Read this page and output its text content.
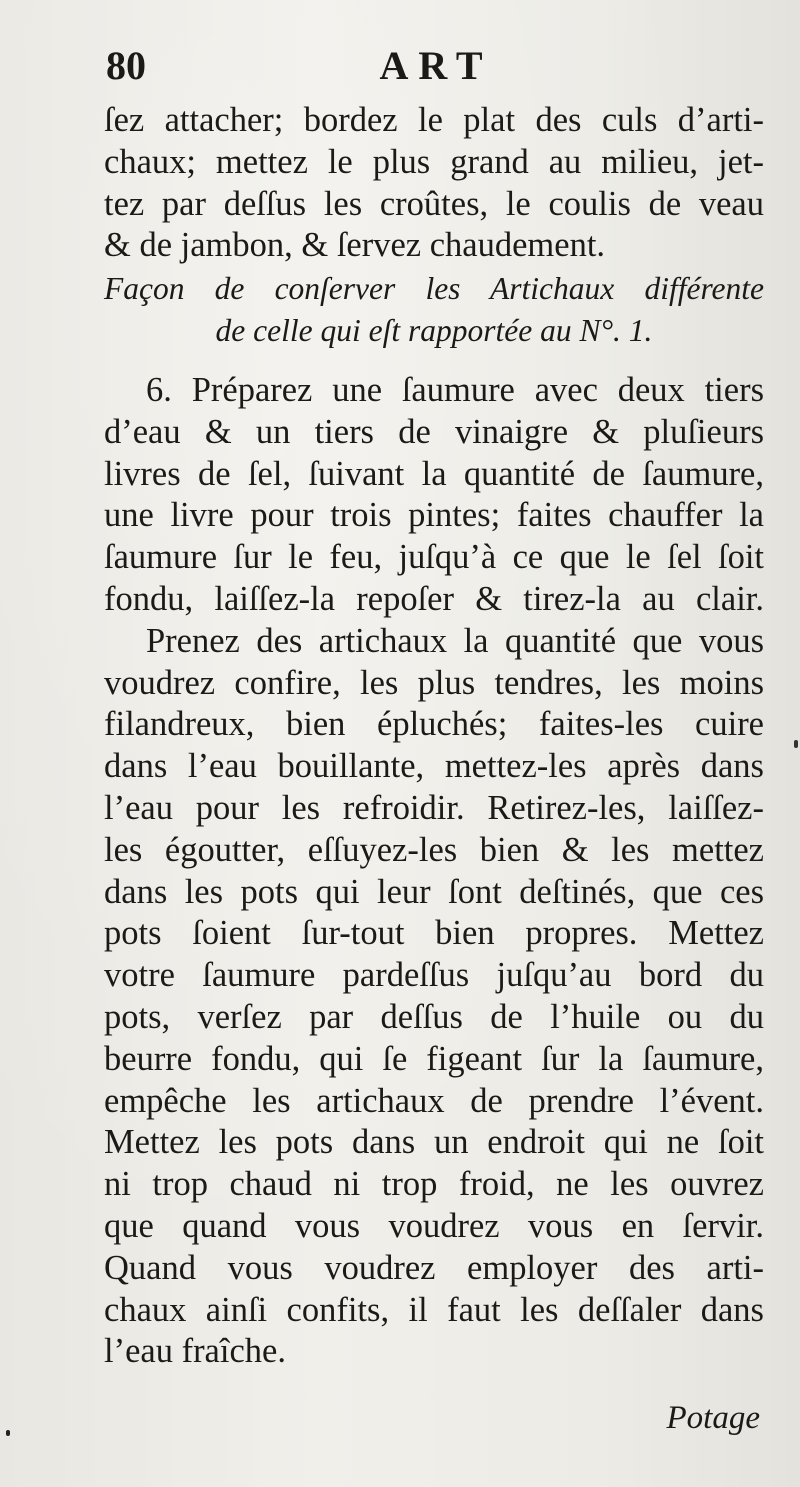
80	ART
ſez attacher; bordez le plat des culs d’arti-
chaux; mettez le plus grand au milieu, jet-
tez par deſſus les croûtes, le coulis de veau
& de jambon, & ſervez chaudement.
Façon de conſerver les Artichaux différente
de celle qui eſt rapportée au N°. 1.
6. Préparez une ſaumure avec deux tiers
d’eau & un tiers de vinaigre & pluſieurs
livres de ſel, ſuivant la quantité de ſaumure,
une livre pour trois pintes; faites chauffer la
ſaumure ſur le feu, juſqu’à ce que le ſel ſoit
fondu, laiſſez-la repoſer & tirez-la au clair.
Prenez des artichaux la quantité que vous
voudrez confire, les plus tendres, les moins
filandreux, bien épluchés; faites-les cuire
dans l’eau bouillante, mettez-les après dans
l’eau pour les refroidir. Retirez-les, laiſſez-
les égoutter, eſſuyez-les bien & les mettez
dans les pots qui leur ſont deſtinés, que ces
pots ſoient ſur-tout bien propres. Mettez
votre ſaumure pardeſſus juſqu’au bord du
pots, verſez par deſſus de l’huile ou du
beurre fondu, qui ſe figeant ſur la ſaumure,
empêche les artichaux de prendre l’évent.
Mettez les pots dans un endroit qui ne ſoit
ni trop chaud ni trop froid, ne les ouvrez
que quand vous voudrez vous en ſervir.
Quand vous voudrez employer des arti-
chaux ainſi confits, il faut les deſſaler dans
l’eau fraîche.
Potage
